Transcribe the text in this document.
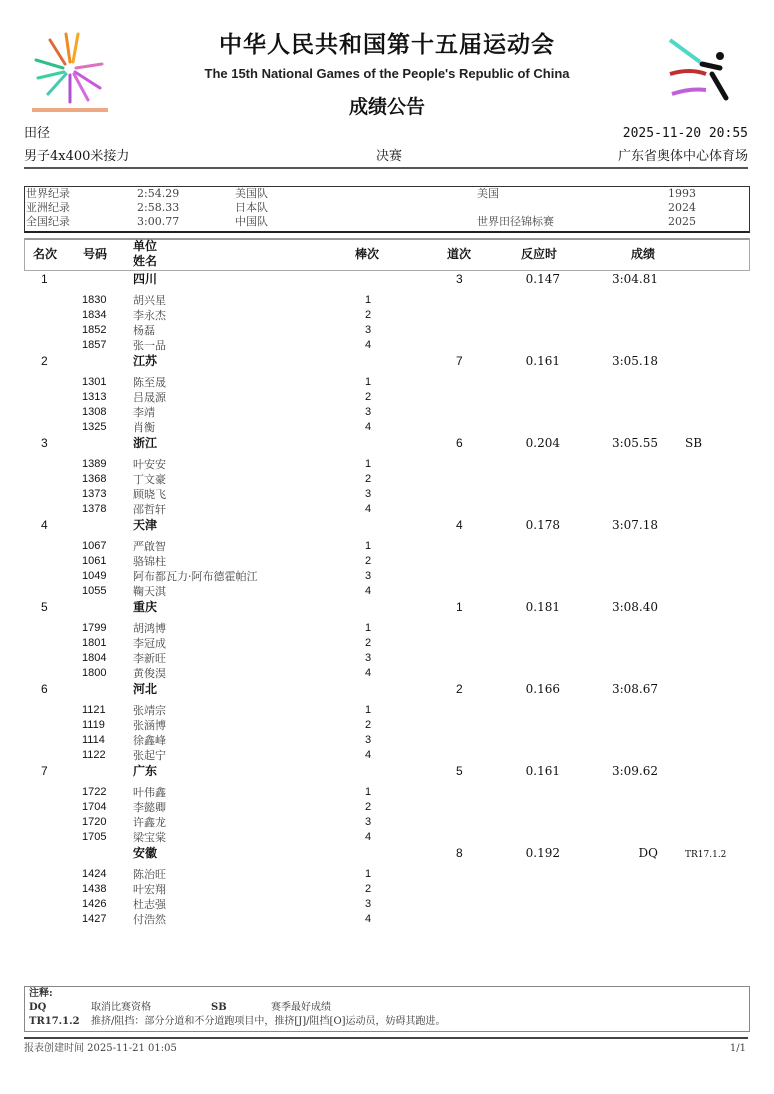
中华人民共和国第十五届运动会
The 15th National Games of the People's Republic of China
成绩公告
田径	2025-11-20 20:55
男子4x400米接力	决赛	广东省奥体中心体育场
世界纪录	2:54.29	美国队	美国	1993
亚洲纪录	2:58.33	日本队	2024
全国纪录	3:00.77	中国队	世界田径锦标赛	2025
名次 号码
单位
姓名	棒次	道次	反应时	成绩
1	四川	3	0.147	3:04.81
1830 胡兴星	1
1834 李永杰	2
1852 杨磊	3
1857 张一品	4
2	江苏	7	0.161	3:05.18
1301 陈至晟	1
1313 吕晟源	2
1308 李靖	3
1325 肖衡	4
3	浙江	6	0.204	3:05.55 SB
1389 叶安安	1
1368 丁文豪	2
1373 顾晓飞	3
1378 邵哲轩	4
4	天津	4	0.178	3:07.18
1067 严啟智	1
1061 骆锦柱	2
1049 阿布都瓦力·阿布德霍帕江	3
1055 鞠天淇	4
5	重庆	1	0.181	3:08.40
1799 胡鸿博	1
1801 李冠成	2
1804 李新旺	3
1800 黄俊淏	4
6	河北	2	0.166	3:08.67
1121 张靖宗	1
1119	张涵博	2
1114	徐鑫峰	3
1122 张起宁	4
7	广东	5	0.161	3:09.62
1722 叶伟鑫	1
1704 李懿卿	2
1720 许鑫龙	3
1705 梁宝棠	4
安徽	8	0.192	DQ	TR17.1.2
1424 陈治旺	1
1438 叶宏翔	2
1426 杜志强	3
1427 付浩然	4
注释:
DQ	取消比赛资格	SB	赛季最好成绩
TR17.1.2 推挤/阻挡：部分分道和不分道跑项目中，推挤[J]/阻挡[O]运动员，妨碍其跑进。
报表创建时间 2025-11-21 01:05	1/1
